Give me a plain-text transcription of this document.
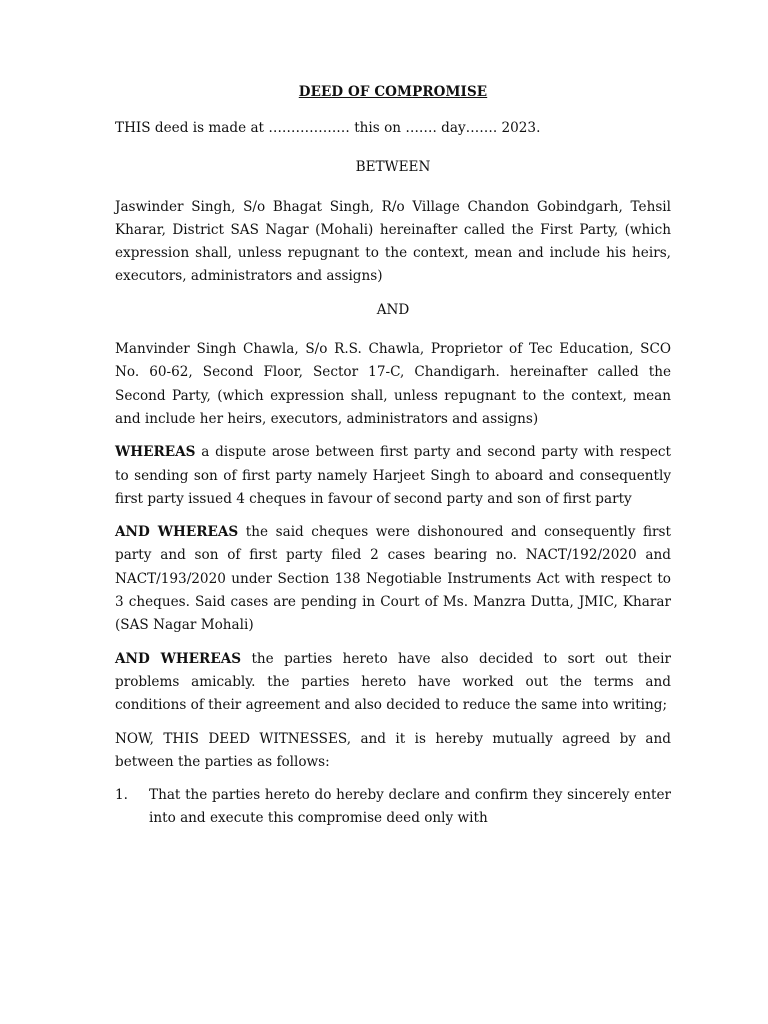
DEED OF COMPROMISE

THIS deed is made at ……………… this on ……. day……. 2023.

BETWEEN

Jaswinder Singh, S/o Bhagat Singh, R/o Village Chandon Gobindgarh, Tehsil Kharar, District SAS Nagar (Mohali) hereinafter called the First Party, (which expression shall, unless repugnant to the context, mean and include his heirs, executors, administrators and assigns)

AND

Manvinder Singh Chawla, S/o R.S. Chawla, Proprietor of Tec Education, SCO No. 60-62, Second Floor, Sector 17-C, Chandigarh. hereinafter called the Second Party, (which expression shall, unless repugnant to the context, mean and include her heirs, executors, administrators and assigns)

WHEREAS a dispute arose between first party and second party with respect to sending son of first party namely Harjeet Singh to aboard and consequently first party issued 4 cheques in favour of second party and son of first party

AND WHEREAS the said cheques were dishonoured and consequently first party and son of first party filed 2 cases bearing no. NACT/192/2020 and NACT/193/2020 under Section 138 Negotiable Instruments Act with respect to 3 cheques. Said cases are pending in Court of Ms. Manzra Dutta, JMIC, Kharar (SAS Nagar Mohali)

AND WHEREAS the parties hereto have also decided to sort out their problems amicably. the parties hereto have worked out the terms and conditions of their agreement and also decided to reduce the same into writing;

NOW, THIS DEED WITNESSES, and it is hereby mutually agreed by and between the parties as follows:

1.	That the parties hereto do hereby declare and confirm they sincerely enter into and execute this compromise deed only with
